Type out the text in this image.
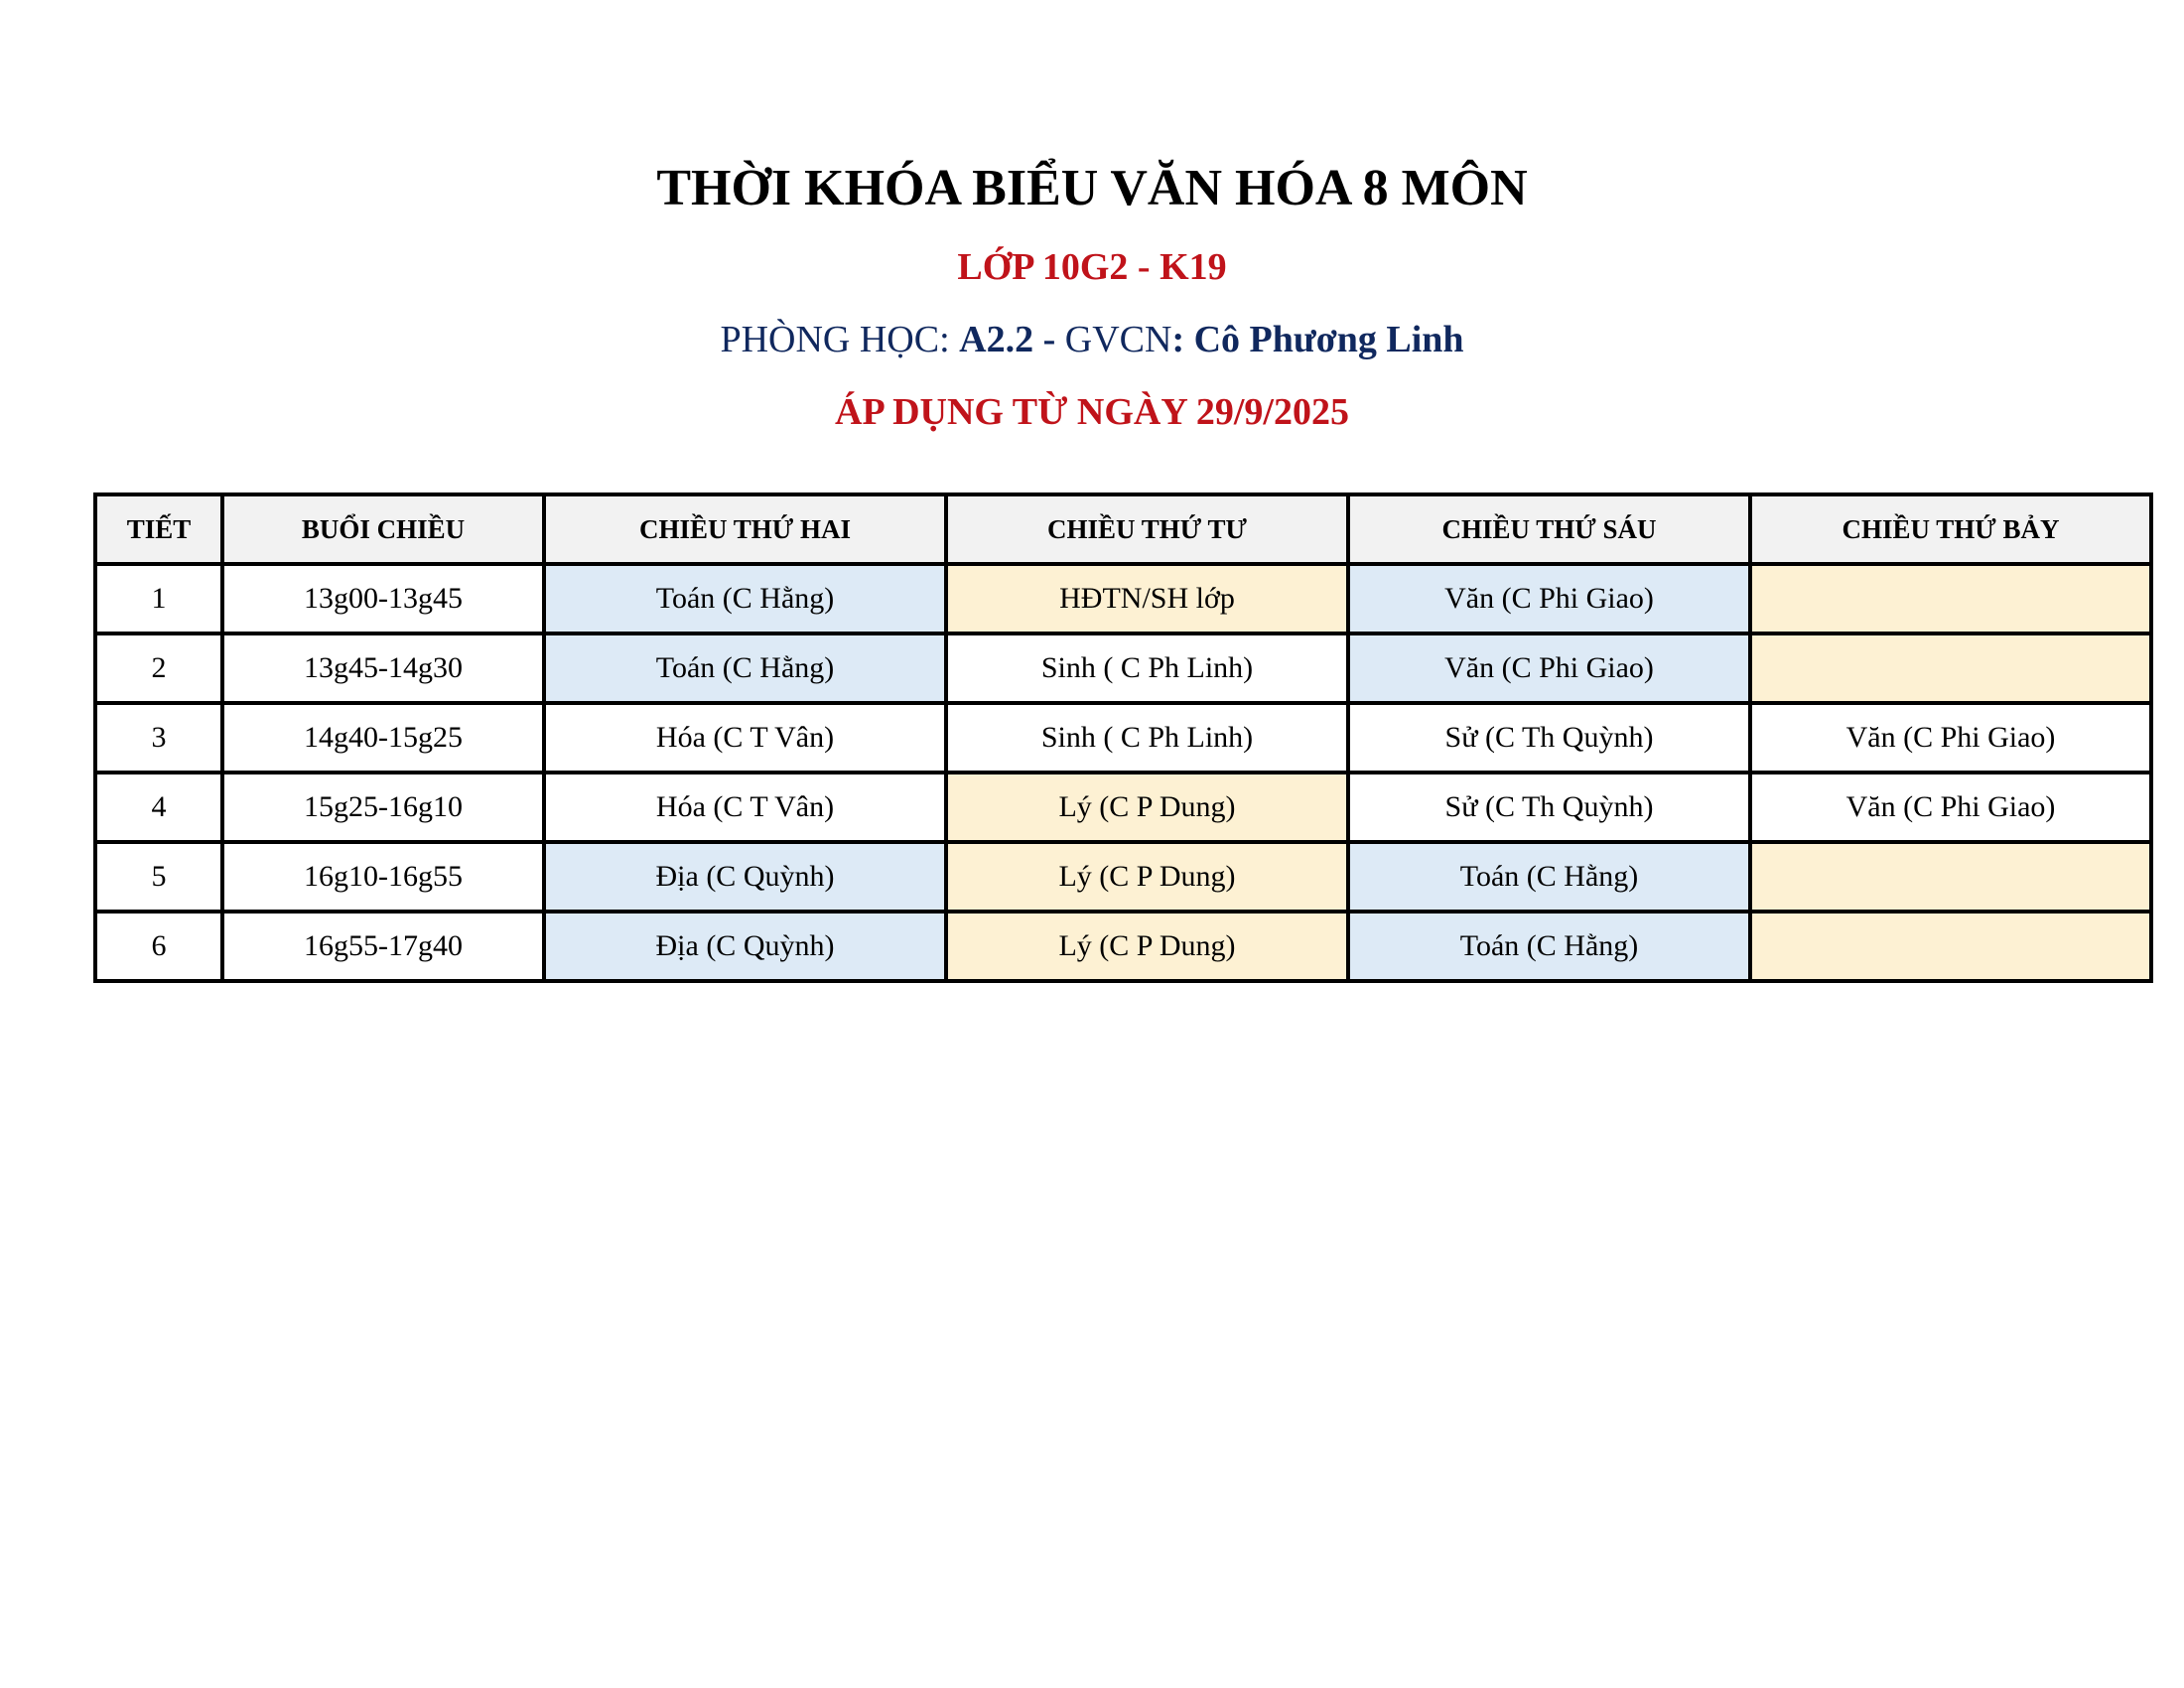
THỜI KHÓA BIỂU VĂN HÓA 8 MÔN
LỚP 10G2 - K19
PHÒNG HỌC: A2.2 - GVCN: Cô Phương Linh
ÁP DỤNG TỪ NGÀY 29/9/2025
TIẾT	BUỔI CHIỀU	CHIỀU THỨ HAI	CHIỀU THỨ TƯ	CHIỀU THỨ SÁU	CHIỀU THỨ BẢY
1	13g00-13g45	Toán (C Hằng)	HĐTN/SH lớp	Văn (C Phi Giao)	
2	13g45-14g30	Toán (C Hằng)	Sinh ( C Ph Linh)	Văn (C Phi Giao)	
3	14g40-15g25	Hóa (C T Vân)	Sinh ( C Ph Linh)	Sử (C Th Quỳnh)	Văn (C Phi Giao)
4	15g25-16g10	Hóa (C T Vân)	Lý (C P Dung)	Sử (C Th Quỳnh)	Văn (C Phi Giao)
5	16g10-16g55	Địa (C Quỳnh)	Lý (C P Dung)	Toán (C Hằng)	
6	16g55-17g40	Địa (C Quỳnh)	Lý (C P Dung)	Toán (C Hằng)	
